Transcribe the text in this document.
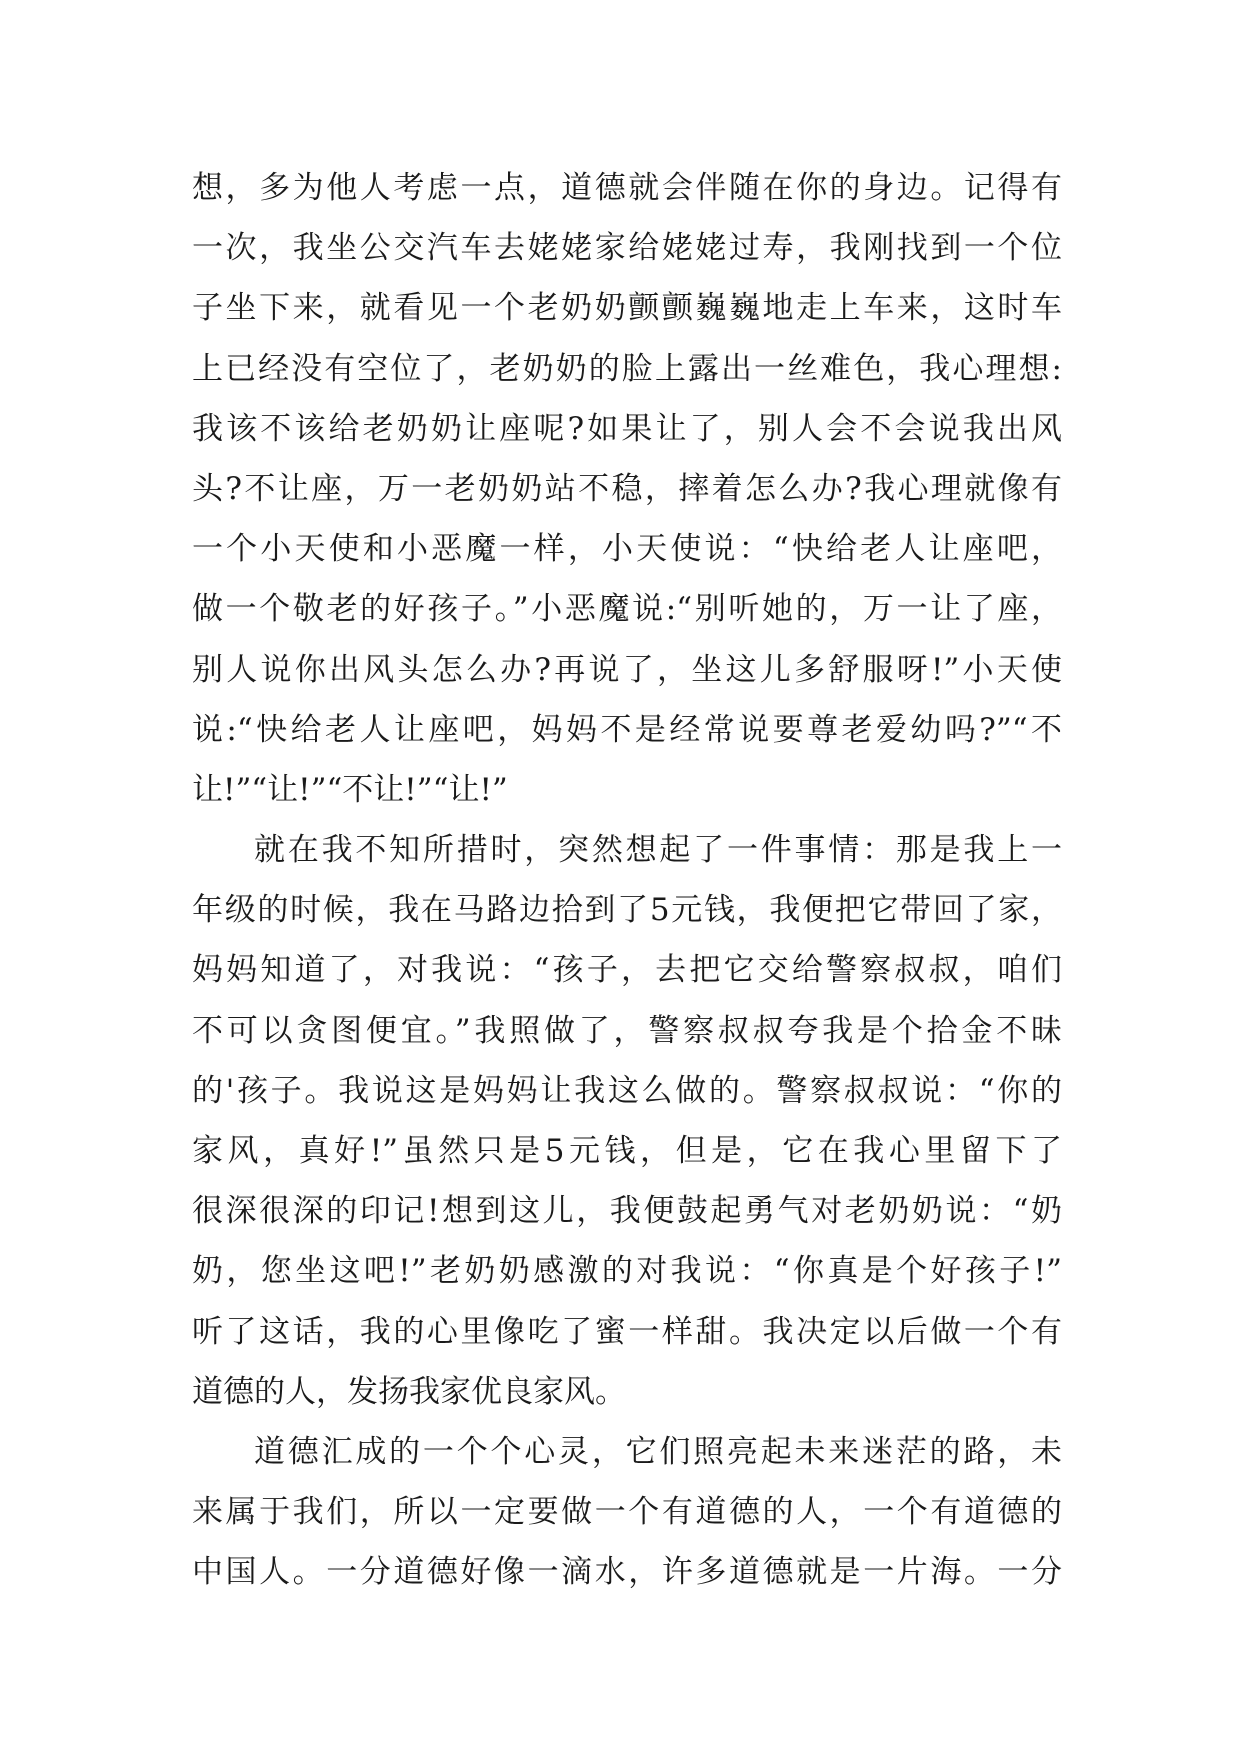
想，多为他人考虑一点，道德就会伴随在你的身边。记得有
一次，我坐公交汽车去姥姥家给姥姥过寿，我刚找到一个位
子坐下来，就看见一个老奶奶颤颤巍巍地走上车来，这时车
上已经没有空位了，老奶奶的脸上露出一丝难色，我心理想:
我该不该给老奶奶让座呢?如果让了，别人会不会说我出风
头?不让座，万一老奶奶站不稳，摔着怎么办?我心理就像有
一个小天使和小恶魔一样，小天使说：“快给老人让座吧，
做一个敬老的好孩子。”小恶魔说:“别听她的，万一让了座，
别人说你出风头怎么办?再说了，坐这儿多舒服呀!”小天使
说:“快给老人让座吧，妈妈不是经常说要尊老爱幼吗?”“不
让!”“让!”“不让!”“让!”
就在我不知所措时，突然想起了一件事情：那是我上一
年级的时候，我在马路边拾到了5元钱，我便把它带回了家，
妈妈知道了，对我说：“孩子，去把它交给警察叔叔，咱们
不可以贪图便宜。”我照做了，警察叔叔夸我是个拾金不昧
的'孩子。我说这是妈妈让我这么做的。警察叔叔说：“你的
家风，真好!”虽然只是5元钱，但是，它在我心里留下了
很深很深的印记!想到这儿，我便鼓起勇气对老奶奶说：“奶
奶，您坐这吧!”老奶奶感激的对我说：“你真是个好孩子!”
听了这话，我的心里像吃了蜜一样甜。我决定以后做一个有
道德的人，发扬我家优良家风。
道德汇成的一个个心灵，它们照亮起未来迷茫的路，未
来属于我们，所以一定要做一个有道德的人，一个有道德的
中国人。一分道德好像一滴水，许多道德就是一片海。一分
